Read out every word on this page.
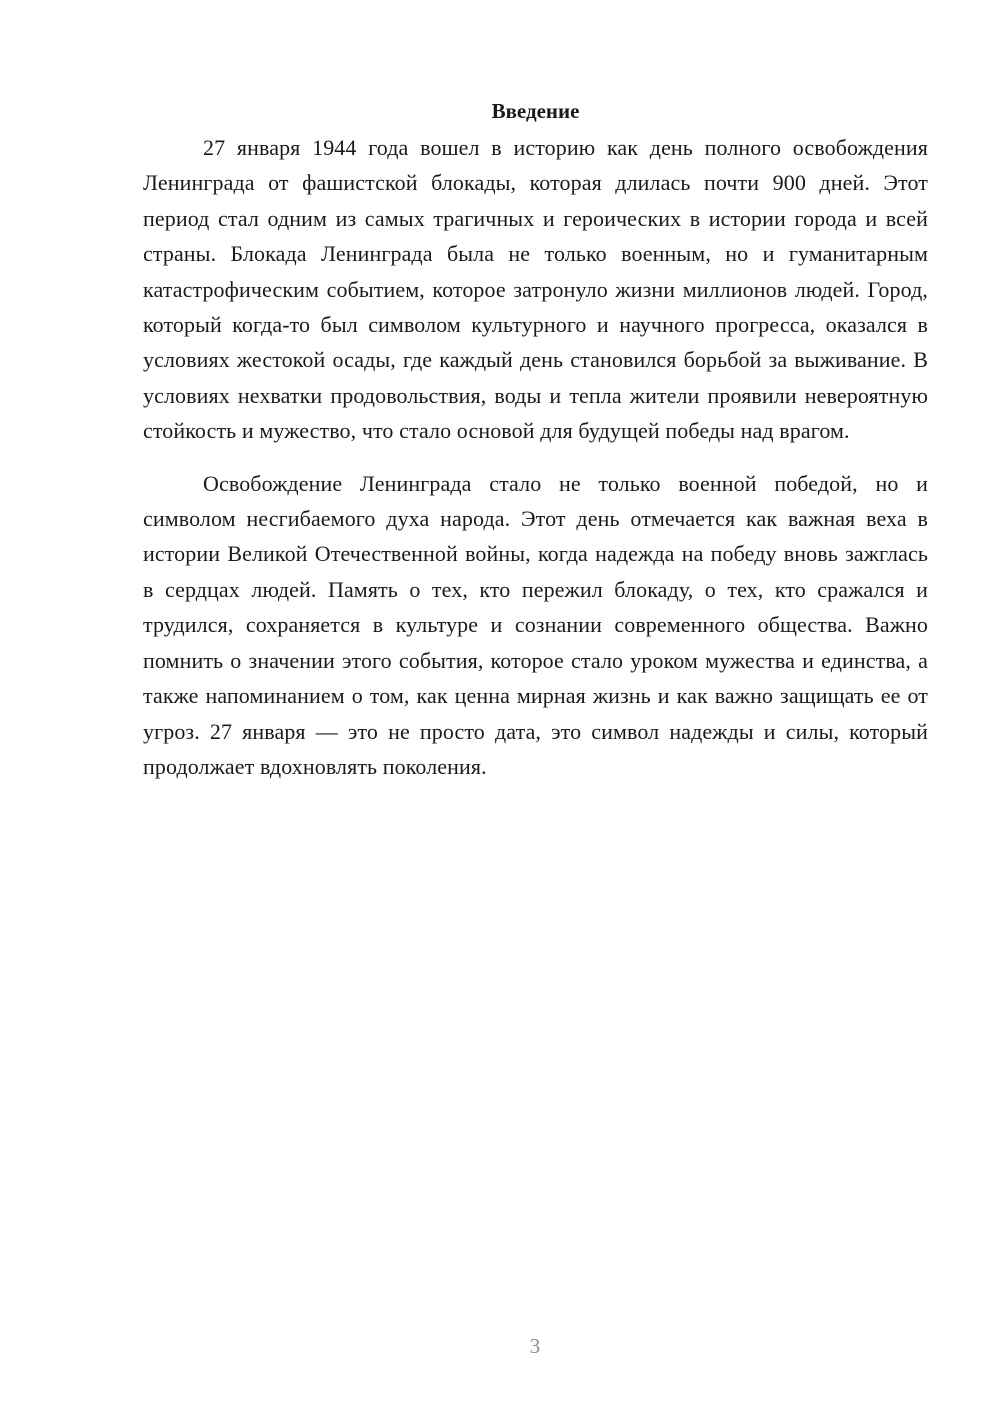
Введение

27 января 1944 года вошел в историю как день полного освобождения Ленинграда от фашистской блокады, которая длилась почти 900 дней. Этот период стал одним из самых трагичных и героических в истории города и всей страны. Блокада Ленинграда была не только военным, но и гуманитарным катастрофическим событием, которое затронуло жизни миллионов людей. Город, который когда-то был символом культурного и научного прогресса, оказался в условиях жестокой осады, где каждый день становился борьбой за выживание. В условиях нехватки продовольствия, воды и тепла жители проявили невероятную стойкость и мужество, что стало основой для будущей победы над врагом.

Освобождение Ленинграда стало не только военной победой, но и символом несгибаемого духа народа. Этот день отмечается как важная веха в истории Великой Отечественной войны, когда надежда на победу вновь зажглась в сердцах людей. Память о тех, кто пережил блокаду, о тех, кто сражался и трудился, сохраняется в культуре и сознании современного общества. Важно помнить о значении этого события, которое стало уроком мужества и единства, а также напоминанием о том, как ценна мирная жизнь и как важно защищать ее от угроз. 27 января — это не просто дата, это символ надежды и силы, который продолжает вдохновлять поколения.

3
